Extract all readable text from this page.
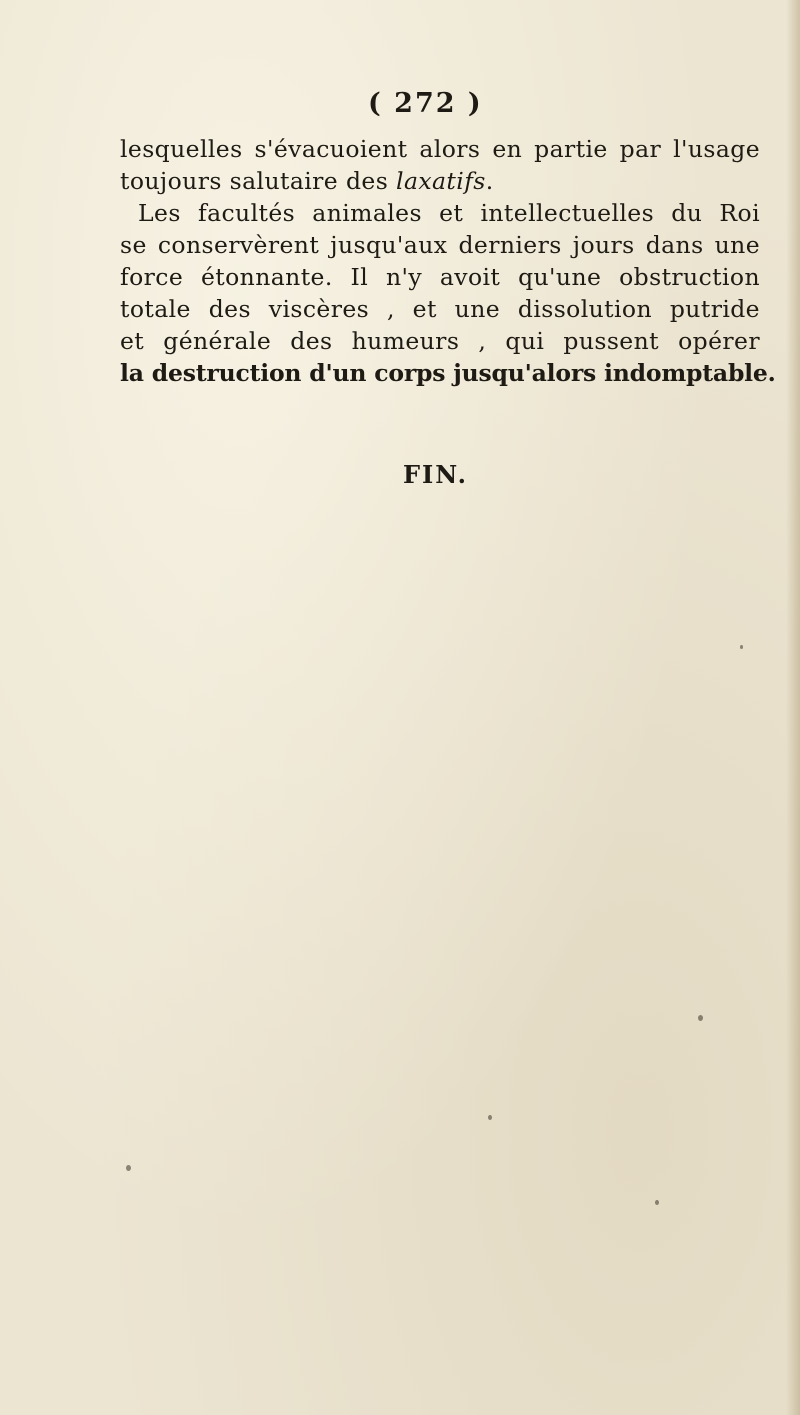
( 272 )
lesquelles s'évacuoient alors en partie par l'usage
toujours salutaire des laxatifs.
Les facultés animales et intellectuelles du Roi
se conservèrent jusqu'aux derniers jours dans une
force étonnante. Il n'y avoit qu'une obstruction
totale des viscères , et une dissolution putride
et générale des humeurs , qui pussent opérer
la destruction d'un corps jusqu'alors indomptable.
FIN.
